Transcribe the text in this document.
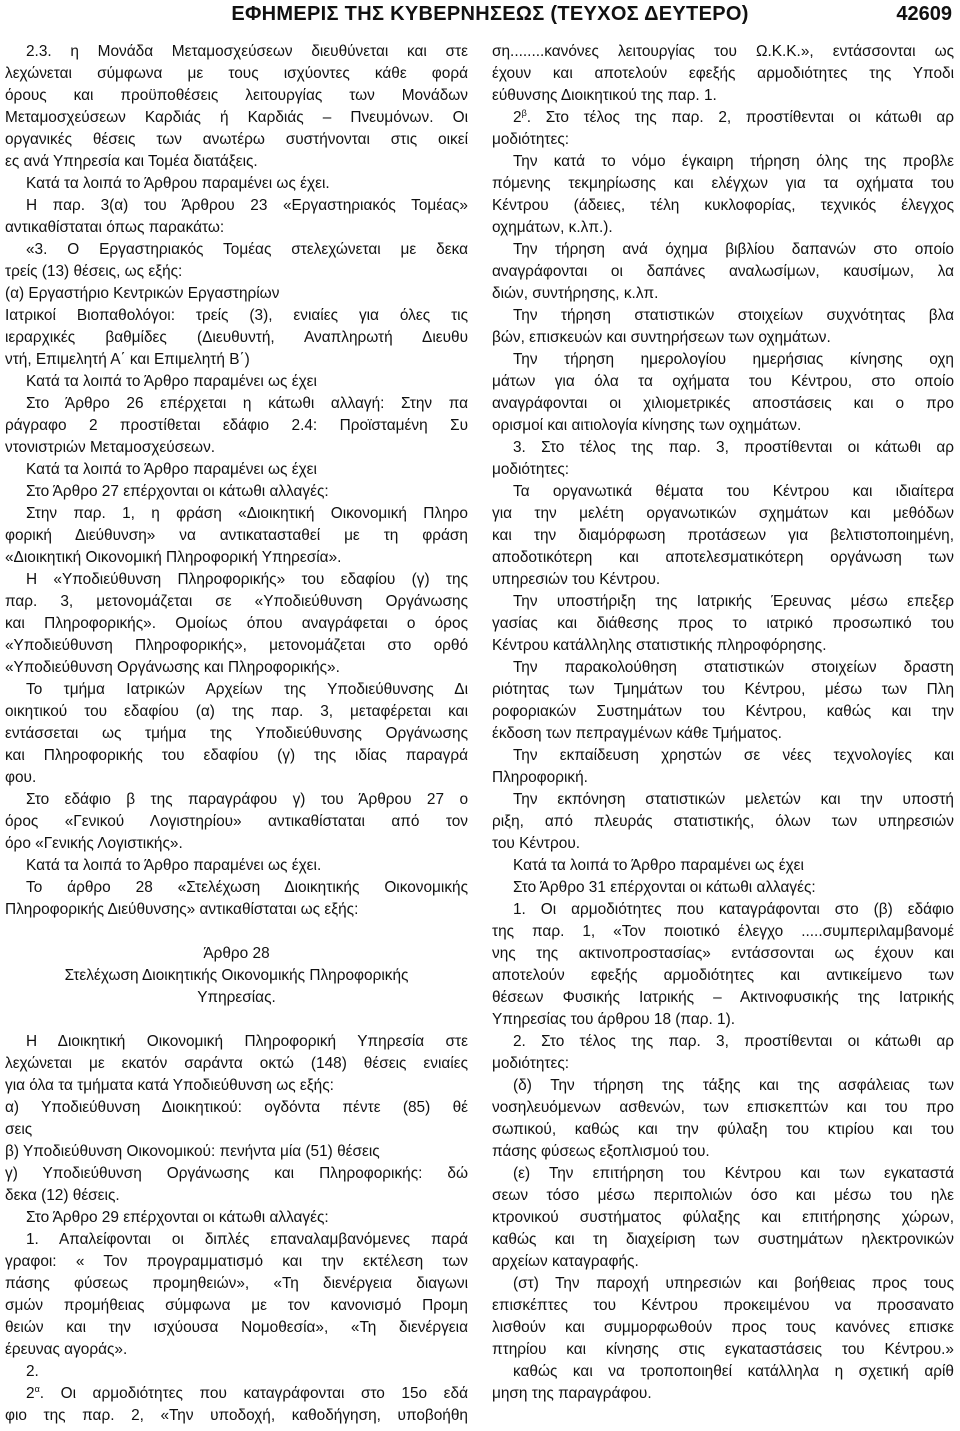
ΕΦΗΜΕΡΙΣ ΤΗΣ ΚΥΒΕΡΝΗΣΕΩΣ (ΤΕΥΧΟΣ ΔΕΥΤΕΡΟ)	42609
2.3. η Μονάδα Μεταμοσχεύσεων διευθύνεται και στε
λεχώνεται σύμφωνα με τους ισχύοντες κάθε φορά
όρους και προϋποθέσεις λειτουργίας των Μονάδων
Μεταμοσχεύσεων Καρδιάς ή Καρδιάς – Πνευμόνων. Οι
οργανικές θέσεις των ανωτέρω συστήνονται στις οικεί
ες ανά Υπηρεσία και Τομέα διατάξεις.
Κατά τα λοιπά το Άρθρου παραμένει ως έχει.
Η παρ. 3(α) του Άρθρου 23 «Εργαστηριακός Τομέας»
αντικαθίσταται όπως παρακάτω:
«3. Ο Εργαστηριακός Τομέας στελεχώνεται με δεκα
τρείς (13) θέσεις, ως εξής:
(α) Εργαστήριο Κεντρικών Εργαστηρίων
Ιατρικοί Βιοπαθολόγοι: τρείς (3), ενιαίες για όλες τις
ιεραρχικές βαθμίδες (Διευθυντή, Αναπληρωτή Διευθυ
ντή, Επιμελητή Α΄ και Επιμελητή Β΄)
Κατά τα λοιπά το Άρθρο παραμένει ως έχει
Στο Άρθρο 26 επέρχεται η κάτωθι αλλαγή: Στην πα
ράγραφο 2 προστίθεται εδάφιο 2.4: Προϊσταμένη Συ
ντονιστριών Μεταμοσχεύσεων.
Κατά τα λοιπά το Άρθρο παραμένει ως έχει
Στο Άρθρο 27 επέρχονται οι κάτωθι αλλαγές:
Στην παρ. 1, η φράση «Διοικητική Οικονομική Πληρο
φορική Διεύθυνση» να αντικατασταθεί με τη φράση
«Διοικητική Οικονομική Πληροφορική Υπηρεσία».
Η «Υποδιεύθυνση Πληροφορικής» του εδαφίου (γ) της
παρ. 3, μετονομάζεται σε «Υποδιεύθυνση Οργάνωσης
και Πληροφορικής». Ομοίως όπου αναγράφεται ο όρος
«Υποδιεύθυνση Πληροφορικής», μετονομάζεται στο ορθό
«Υποδιεύθυνση Οργάνωσης και Πληροφορικής».
Το τμήμα Ιατρικών Αρχείων της Υποδιεύθυνσης Δι
οικητικού του εδαφίου (α) της παρ. 3, μεταφέρεται και
εντάσσεται ως τμήμα της Υποδιεύθυνσης Οργάνωσης
και Πληροφορικής του εδαφίου (γ) της ιδίας παραγρά
φου.
Στο εδάφιο β της παραγράφου γ) του Άρθρου 27 ο
όρος «Γενικού Λογιστηρίου» αντικαθίσταται από τον
όρο «Γενικής Λογιστικής».
Κατά τα λοιπά το Άρθρο παραμένει ως έχει.
Το άρθρο 28 «Στελέχωση Διοικητικής Οικονομικής
Πληροφορικής Διεύθυνσης» αντικαθίσταται ως εξής:
Άρθρο 28
Στελέχωση Διοικητικής Οικονομικής Πληροφορικής
Υπηρεσίας.
Η Διοικητική Οικονομική Πληροφορική Υπηρεσία στε
λεχώνεται με εκατόν σαράντα οκτώ (148) θέσεις ενιαίες
για όλα τα τμήματα κατά Υποδιεύθυνση ως εξής:
α) Υποδιεύθυνση Διοικητικού: ογδόντα πέντε (85) θέ
σεις
β) Υποδιεύθυνση Οικονομικού: πενήντα μία (51) θέσεις
γ) Υποδιεύθυνση Οργάνωσης και Πληροφορικής: δώ
δεκα (12) θέσεις.
Στο Άρθρο 29 επέρχονται οι κάτωθι αλλαγές:
1. Απαλείφονται οι διπλές επαναλαμβανόμενες παρά
γραφοι: « Τον προγραμματισμό και την εκτέλεση των
πάσης φύσεως προμηθειών», «Τη διενέργεια διαγωνι
σμών προμήθειας σύμφωνα με τον κανονισμό Προμη
θειών και την ισχύουσα Νομοθεσία», «Τη διενέργεια
έρευνας αγοράς».
2.
$2^\alpha$. Οι αρμοδιότητες που καταγράφονται στο 15ο εδά
φιο της παρ. 2, «Την υποδοχή, καθοδήγηση, υποβοήθη
ση........κανόνες λειτουργίας του Ω.Κ.Κ.», εντάσσονται ως
έχουν και αποτελούν εφεξής αρμοδιότητες της Υποδι
εύθυνσης Διοικητικού της παρ. 1.
$2^\beta$. Στο τέλος της παρ. 2, προστίθενται οι κάτωθι αρ
μοδιότητες:
Την κατά το νόμο έγκαιρη τήρηση όλης της προβλε
πόμενης τεκμηρίωσης και ελέγχων για τα οχήματα του
Κέντρου (άδειες, τέλη κυκλοφορίας, τεχνικός έλεγχος
οχημάτων, κ.λπ.).
Την τήρηση ανά όχημα βιβλίου δαπανών στο οποίο
αναγράφονται οι δαπάνες αναλωσίμων, καυσίμων, λα
διών, συντήρησης, κ.λπ.
Την τήρηση στατιστικών στοιχείων συχνότητας βλα
βών, επισκευών και συντηρήσεων των οχημάτων.
Την τήρηση ημερολογίου ημερήσιας κίνησης οχη
μάτων για όλα τα οχήματα του Κέντρου, στο οποίο
αναγράφονται οι χιλιομετρικές αποστάσεις και ο προ
ορισμοί και αιτιολογία κίνησης των οχημάτων.
3. Στο τέλος της παρ. 3, προστίθενται οι κάτωθι αρ
μοδιότητες:
Τα οργανωτικά θέματα του Κέντρου και ιδιαίτερα
για την μελέτη οργανωτικών σχημάτων και μεθόδων
και την διαμόρφωση προτάσεων για βελτιστοποιημένη,
αποδοτικότερη και αποτελεσματικότερη οργάνωση των
υπηρεσιών του Κέντρου.
Την υποστήριξη της Ιατρικής Έρευνας μέσω επεξερ
γασίας και διάθεσης προς το ιατρικό προσωπικό του
Κέντρου κατάλληλης στατιστικής πληροφόρησης.
Την παρακολούθηση στατιστικών στοιχείων δραστη
ριότητας των Τμημάτων του Κέντρου, μέσω των Πλη
ροφοριακών Συστημάτων του Κέντρου, καθώς και την
έκδοση των πεπραγμένων κάθε Τμήματος.
Την εκπαίδευση χρηστών σε νέες τεχνολογίες και
Πληροφορική.
Την εκπόνηση στατιστικών μελετών και την υποστή
ριξη, από πλευράς στατιστικής, όλων των υπηρεσιών
του Κέντρου.
Κατά τα λοιπά το Άρθρο παραμένει ως έχει
Στο Άρθρο 31 επέρχονται οι κάτωθι αλλαγές:
1. Οι αρμοδιότητες που καταγράφονται στο (β) εδάφιο
της παρ. 1, «Τον ποιοτικό έλεγχο .....συμπεριλαμβανομέ
νης της ακτινοπροστασίας» εντάσσονται ως έχουν και
αποτελούν εφεξής αρμοδιότητες και αντικείμενο των
θέσεων Φυσικής Ιατρικής – Ακτινοφυσικής της Ιατρικής
Υπηρεσίας του άρθρου 18 (παρ. 1).
2. Στο τέλος της παρ. 3, προστίθενται οι κάτωθι αρ
μοδιότητες:
(δ) Την τήρηση της τάξης και της ασφάλειας των
νοσηλευόμενων ασθενών, των επισκεπτών και του προ
σωπικού, καθώς και την φύλαξη του κτιρίου και του
πάσης φύσεως εξοπλισμού του.
(ε) Την επιτήρηση του Κέντρου και των εγκαταστά
σεων τόσο μέσω περιπολιών όσο και μέσω του ηλε
κτρονικού συστήματος φύλαξης και επιτήρησης χώρων,
καθώς και τη διαχείριση των συστημάτων ηλεκτρονικών
αρχείων καταγραφής.
(στ) Την παροχή υπηρεσιών και βοήθειας προς τους
επισκέπτες του Κέντρου προκειμένου να προσανατο
λισθούν και συμμορφωθούν προς τους κανόνες επισκε
πτηρίου και κίνησης στις εγκαταστάσεις του Κέντρου.»
καθώς και να τροποποιηθεί κατάλληλα η σχετική αρίθ
μηση της παραγράφου.
